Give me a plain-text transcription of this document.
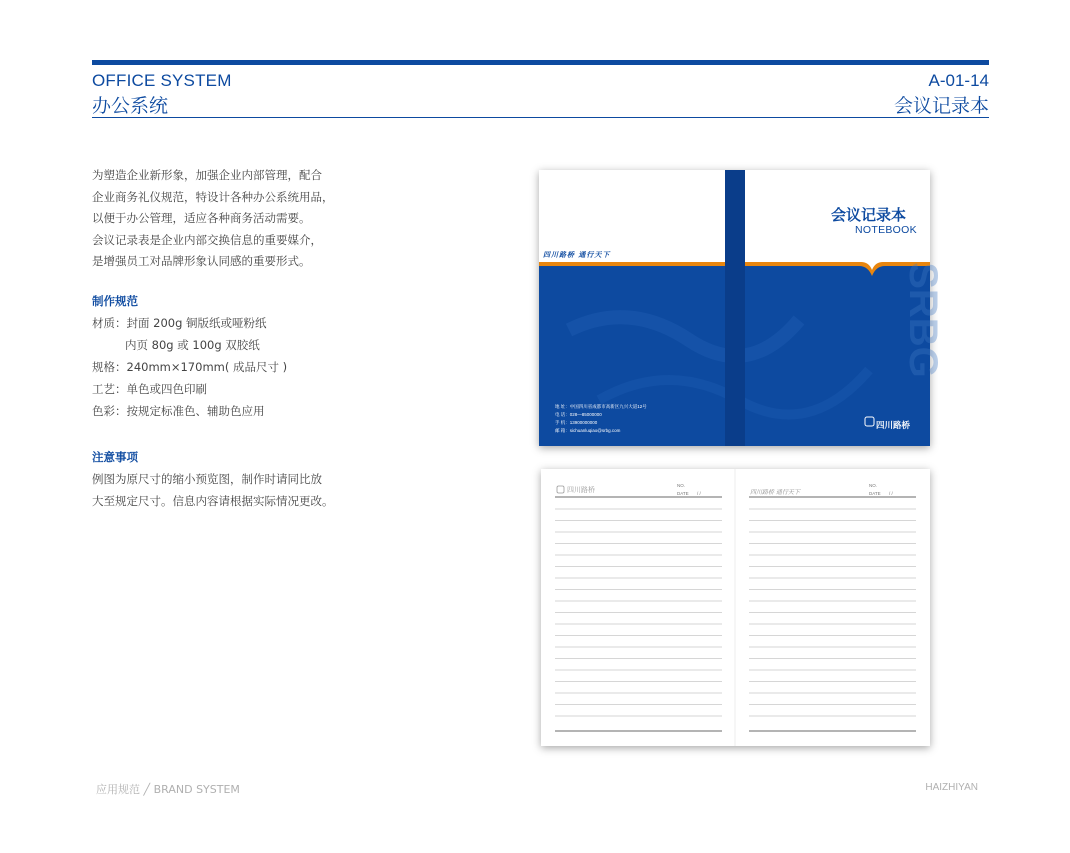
OFFICE SYSTEM
办公系统
A-01-14
会议记录本
为塑造企业新形象，加强企业内部管理，配合
企业商务礼仪规范，特设计各种办公系统用品，
以便于办公管理，适应各种商务活动需要。
会议记录表是企业内部交换信息的重要媒介，
是增强员工对品牌形象认同感的重要形式。
制作规范
材质：封面 200g 铜版纸或哑粉纸
内页 80g 或 100g 双胶纸
规格：240mm×170mm( 成品尺寸 )
工艺：单色或四色印刷
色彩：按规定标准色、辅助色应用
注意事项
例图为原尺寸的缩小预览图，制作时请同比放
大至规定尺寸。信息内容请根据实际情况更改。
SRBG
会议记录本
NOTEBOOK
四川路桥 通行天下
地 址：中国四川省成都市高新区九兴大道12号
电 话：028—85000000
手 机：13900000000
邮 箱：sichuanluqiao@srbg.com	四川路桥
四川路桥
NO.
DATE / /	四川路桥 通行天下
NO.
DATE / /
应用规范 ╱ BRAND SYSTEM	HAIZHIYAN
